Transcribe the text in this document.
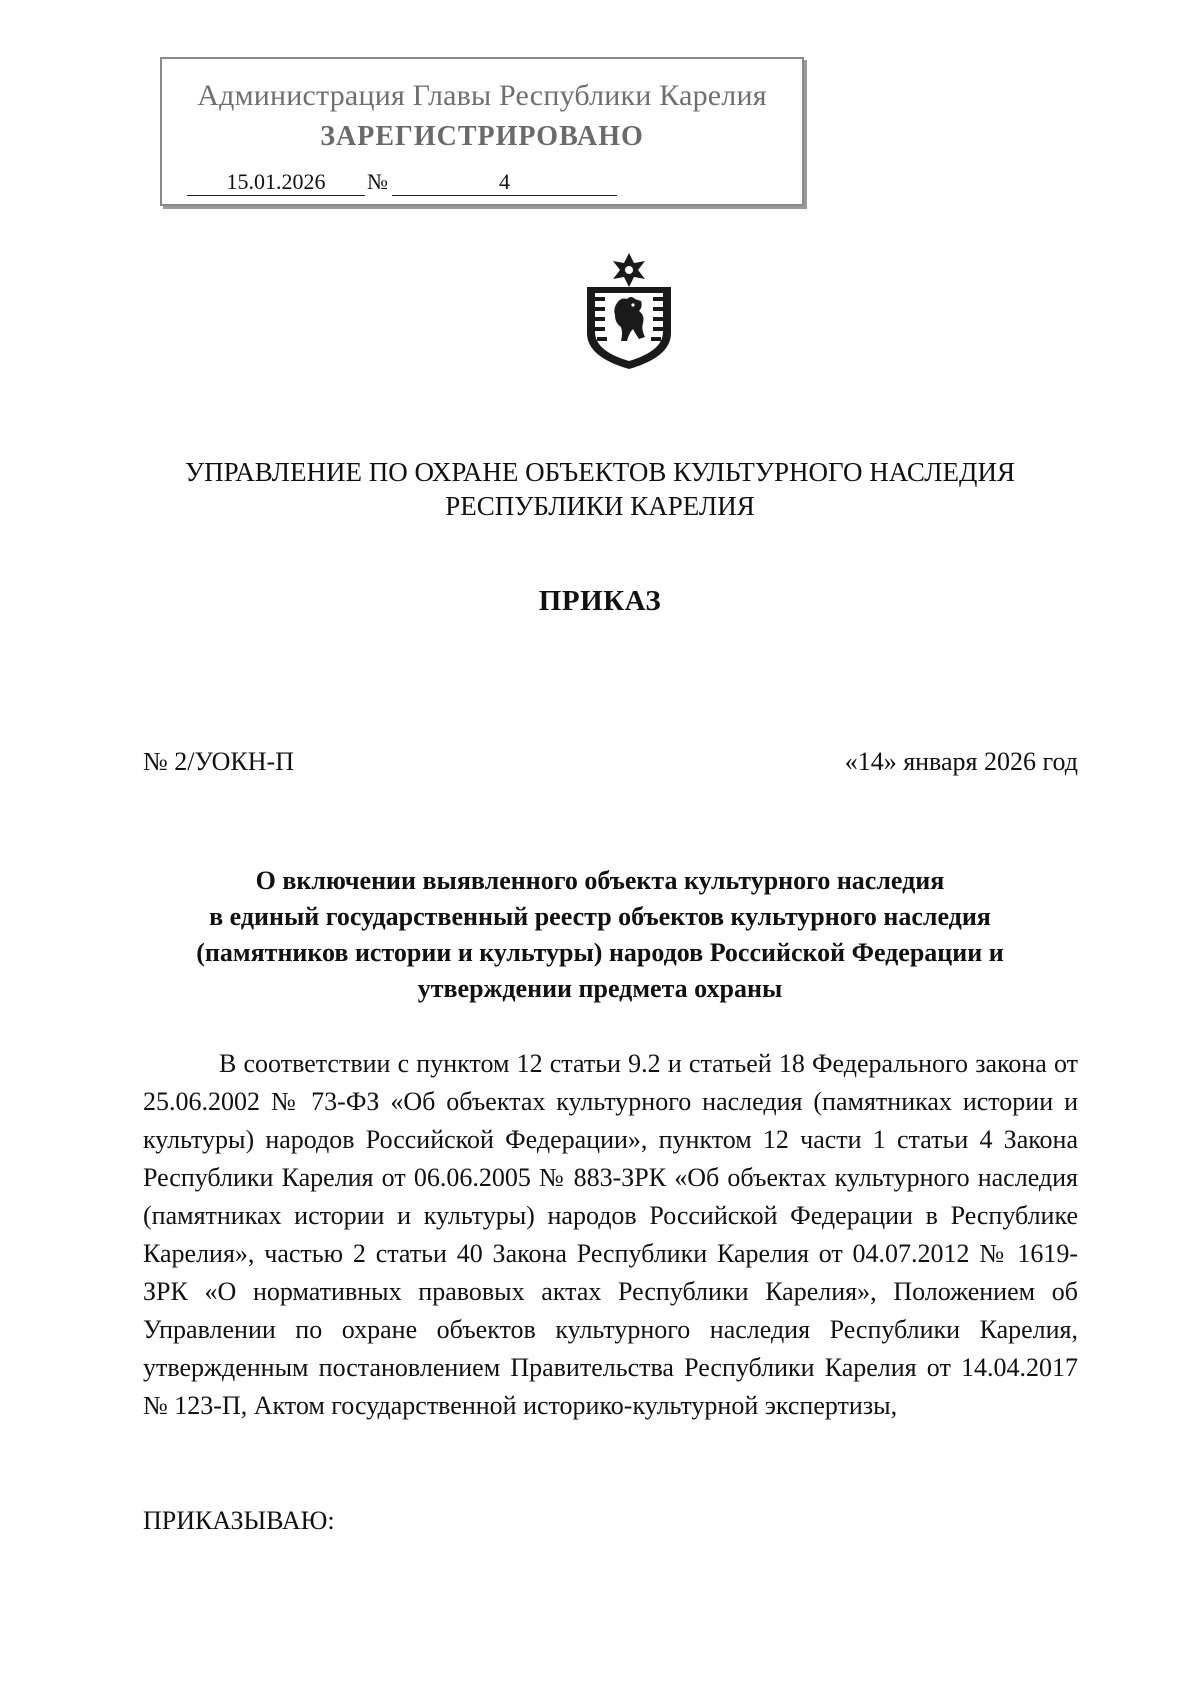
Администрация Главы Республики Карелия
ЗАРЕГИСТРИРОВАНО
15.01.2026	№	4
УПРАВЛЕНИЕ ПО ОХРАНЕ ОБЪЕКТОВ КУЛЬТУРНОГО НАСЛЕДИЯ
РЕСПУБЛИКИ КАРЕЛИЯ
ПРИКАЗ
№ 2/УОКН-П	«14» января 2026 год
О включении выявленного объекта культурного наследия
в единый государственный реестр объектов культурного наследия
(памятников истории и культуры) народов Российской Федерации и
утверждении предмета охраны

В соответствии с пунктом 12 статьи 9.2 и статьей 18 Федерального закона от 25.06.2002 № 73-ФЗ «Об объектах культурного наследия (памятниках истории и культуры) народов Российской Федерации», пунктом 12 части 1 статьи 4 Закона Республики Карелия от 06.06.2005 № 883-ЗРК «Об объектах культурного наследия (памятниках истории и культуры) народов Российской Федерации в Республике Карелия», частью 2 статьи 40 Закона Республики Карелия от 04.07.2012 № 1619-ЗРК «О нормативных правовых актах Республики Карелия», Положением об Управлении по охране объектов культурного наследия Республики Карелия, утвержденным постановлением Правительства Республики Карелия от 14.04.2017 № 123-П, Актом государственной историко-культурной экспертизы,

ПРИКАЗЫВАЮ:
